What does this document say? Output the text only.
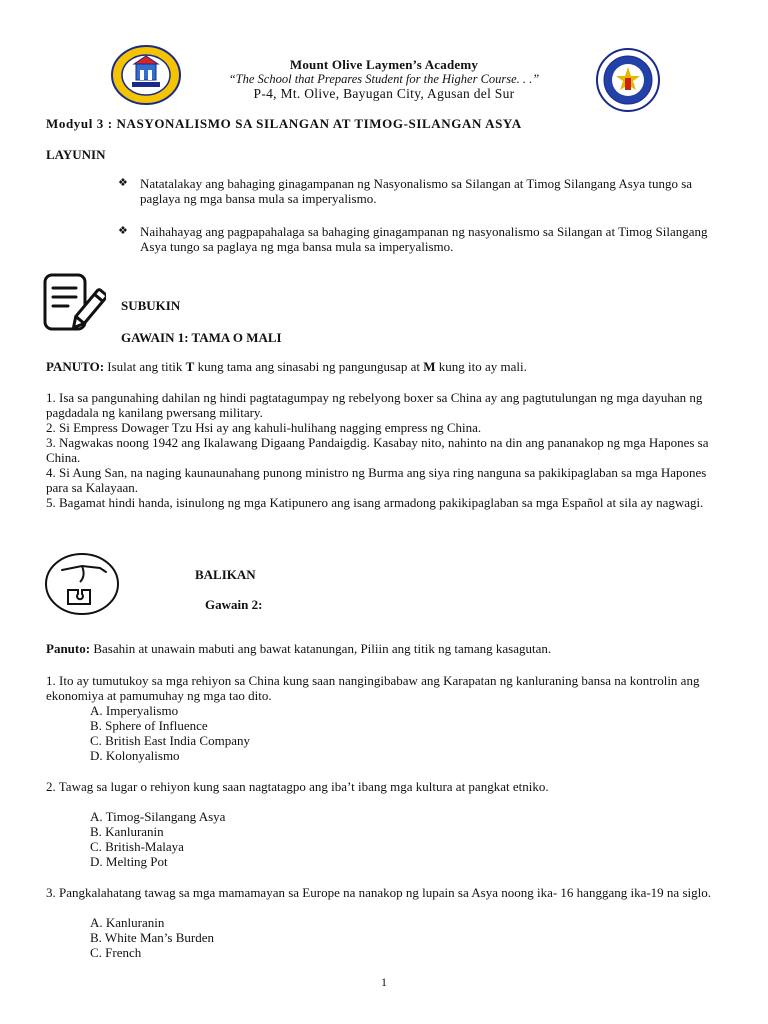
Mount Olive Laymen’s Academy
“The School that Prepares Student for the Higher Course. . .”
P-4, Mt. Olive, Bayugan City, Agusan del Sur
Modyul 3 : NASYONALISMO SA SILANGAN AT TIMOG-SILANGAN ASYA
LAYUNIN
❖ Natatalakay ang bahaging ginagampanan ng Nasyonalismo sa Silangan at Timog Silangang Asya tungo sa paglaya ng mga bansa mula sa imperyalismo.
❖ Naihahayag ang pagpapahalaga sa bahaging ginagampanan ng nasyonalismo sa Silangan at Timog Silangang Asya tungo sa paglaya ng mga bansa mula sa imperyalismo.
SUBUKIN
GAWAIN 1: TAMA O MALI
PANUTO: Isulat ang titik T kung tama ang sinasabi ng pangungusap at M kung ito ay mali.
1. Isa sa pangunahing dahilan ng hindi pagtatagumpay ng rebelyong boxer sa China ay ang pagtutulungan ng mga dayuhan ng pagdadala ng kanilang pwersang military.
2. Si Empress Dowager Tzu Hsi ay ang kahuli-hulihang nagging empress ng China.
3. Nagwakas noong 1942 ang Ikalawang Digaang Pandaigdig. Kasabay nito, nahinto na din ang pananakop ng mga Hapones sa China.
4. Si Aung San, na naging kaunaunahang punong ministro ng Burma ang siya ring nanguna sa pakikipaglaban sa mga Hapones para sa Kalayaan.
5. Bagamat hindi handa, isinulong ng mga Katipunero ang isang armadong pakikipaglaban sa mga Español at sila ay nagwagi.
BALIKAN
Gawain 2:
Panuto: Basahin at unawain mabuti ang bawat katanungan, Piliin ang titik ng tamang kasagutan.
1. Ito ay tumutukoy sa mga rehiyon sa China kung saan nangingibabaw ang Karapatan ng kanluraning bansa na kontrolin ang ekonomiya at pamumuhay ng mga tao dito.
A. Imperyalismo
B. Sphere of Influence
C. British East India Company
D. Kolonyalismo
2. Tawag sa lugar o rehiyon kung saan nagtatagpo ang iba’t ibang mga kultura at pangkat etniko.
A. Timog-Silangang Asya
B. Kanluranin
C. British-Malaya
D. Melting Pot
3. Pangkalahatang tawag sa mga mamamayan sa Europe na nanakop ng lupain sa Asya noong ika- 16 hanggang ika-19 na siglo.
A. Kanluranin
B. White Man’s Burden
C. French
1
